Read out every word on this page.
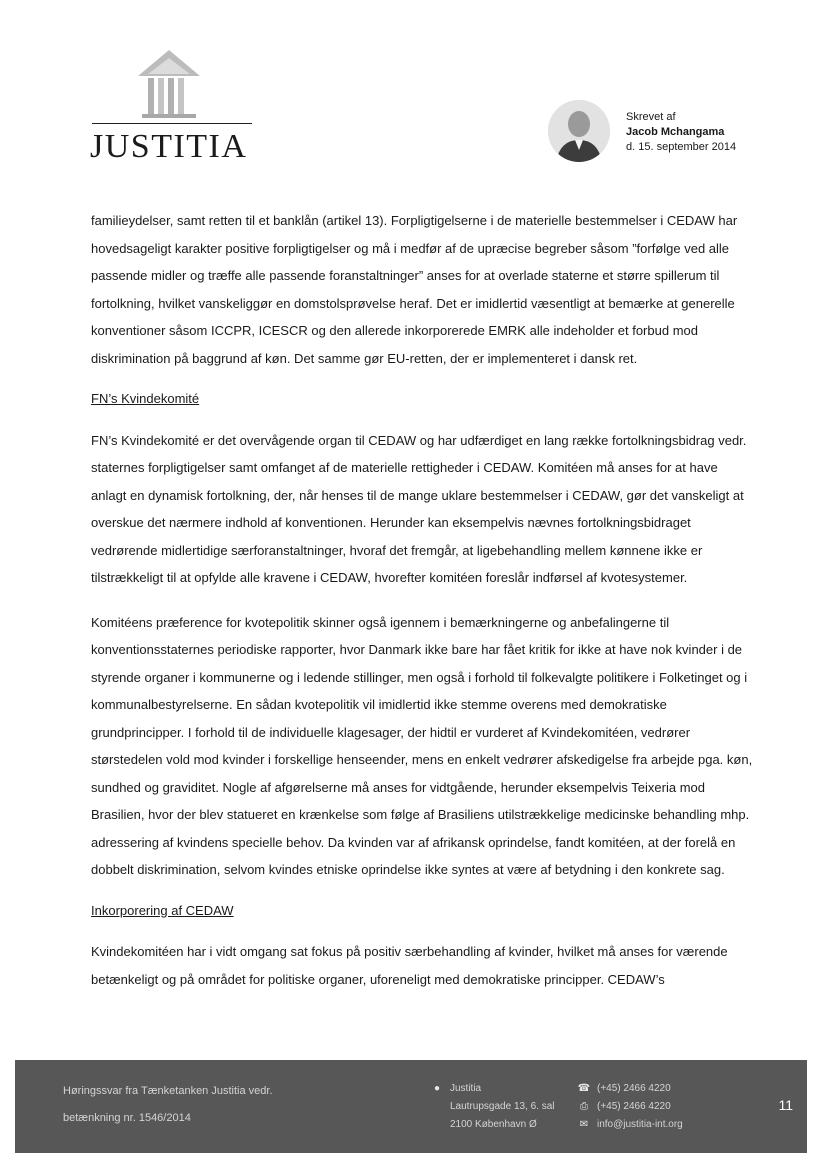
JUSTITIA
Skrevet af
Jacob Mchangama
d. 15. september 2014

familieydelser, samt retten til et banklån (artikel 13). Forpligtigelserne i de materielle bestemmelser i CEDAW har hovedsageligt karakter positive forpligtigelser og må i medfør af de upræcise begreber såsom ”forfølge ved alle passende midler og træffe alle passende foranstaltninger” anses for at overlade staterne et større spillerum til fortolkning, hvilket vanskeliggør en domstolsprøvelse heraf. Det er imidlertid væsentligt at bemærke at generelle konventioner såsom ICCPR, ICESCR og den allerede inkorporerede EMRK alle indeholder et forbud mod diskrimination på baggrund af køn. Det samme gør EU-retten, der er implementeret i dansk ret.

FN’s Kvindekomité

FN’s Kvindekomité er det overvågende organ til CEDAW og har udfærdiget en lang række fortolkningsbidrag vedr. staternes forpligtigelser samt omfanget af de materielle rettigheder i CEDAW. Komitéen må anses for at have anlagt en dynamisk fortolkning, der, når henses til de mange uklare bestemmelser i CEDAW, gør det vanskeligt at overskue det nærmere indhold af konventionen. Herunder kan eksempelvis nævnes fortolkningsbidraget vedrørende midlertidige særforanstaltninger, hvoraf det fremgår, at ligebehandling mellem kønnene ikke er tilstrækkeligt til at opfylde alle kravene i CEDAW, hvorefter komitéen foreslår indførsel af kvotesystemer.

Komitéens præference for kvotepolitik skinner også igennem i bemærkningerne og anbefalingerne til konventionsstaternes periodiske rapporter, hvor Danmark ikke bare har fået kritik for ikke at have nok kvinder i de styrende organer i kommunerne og i ledende stillinger, men også i forhold til folkevalgte politikere i Folketinget og i kommunalbestyrelserne. En sådan kvotepolitik vil imidlertid ikke stemme overens med demokratiske grundprincipper. I forhold til de individuelle klagesager, der hidtil er vurderet af Kvindekomitéen, vedrører størstedelen vold mod kvinder i forskellige henseender, mens en enkelt vedrører afskedigelse fra arbejde pga. køn, sundhed og graviditet. Nogle af afgørelserne må anses for vidtgående, herunder eksempelvis Teixeria mod Brasilien, hvor der blev statueret en krænkelse som følge af Brasiliens utilstrækkelige medicinske behandling mhp. adressering af kvindens specielle behov. Da kvinden var af afrikansk oprindelse, fandt komitéen, at der forelå en dobbelt diskrimination, selvom kvindes etniske oprindelse ikke syntes at være af betydning i den konkrete sag.

Inkorporering af CEDAW

Kvindekomitéen har i vidt omgang sat fokus på positiv særbehandling af kvinder, hvilket må anses for værende betænkeligt og på området for politiske organer, uforeneligt med demokratiske principper. CEDAW’s

Høringssvar fra Tænketanken Justitia vedr.
betænkning nr. 1546/2014
● Justitia
Lautrupsgade 13, 6. sal
2100 København Ø
☎ (+45) 2466 4220
⎙ (+45) 2466 4220
✉ info@justitia-int.org
11
